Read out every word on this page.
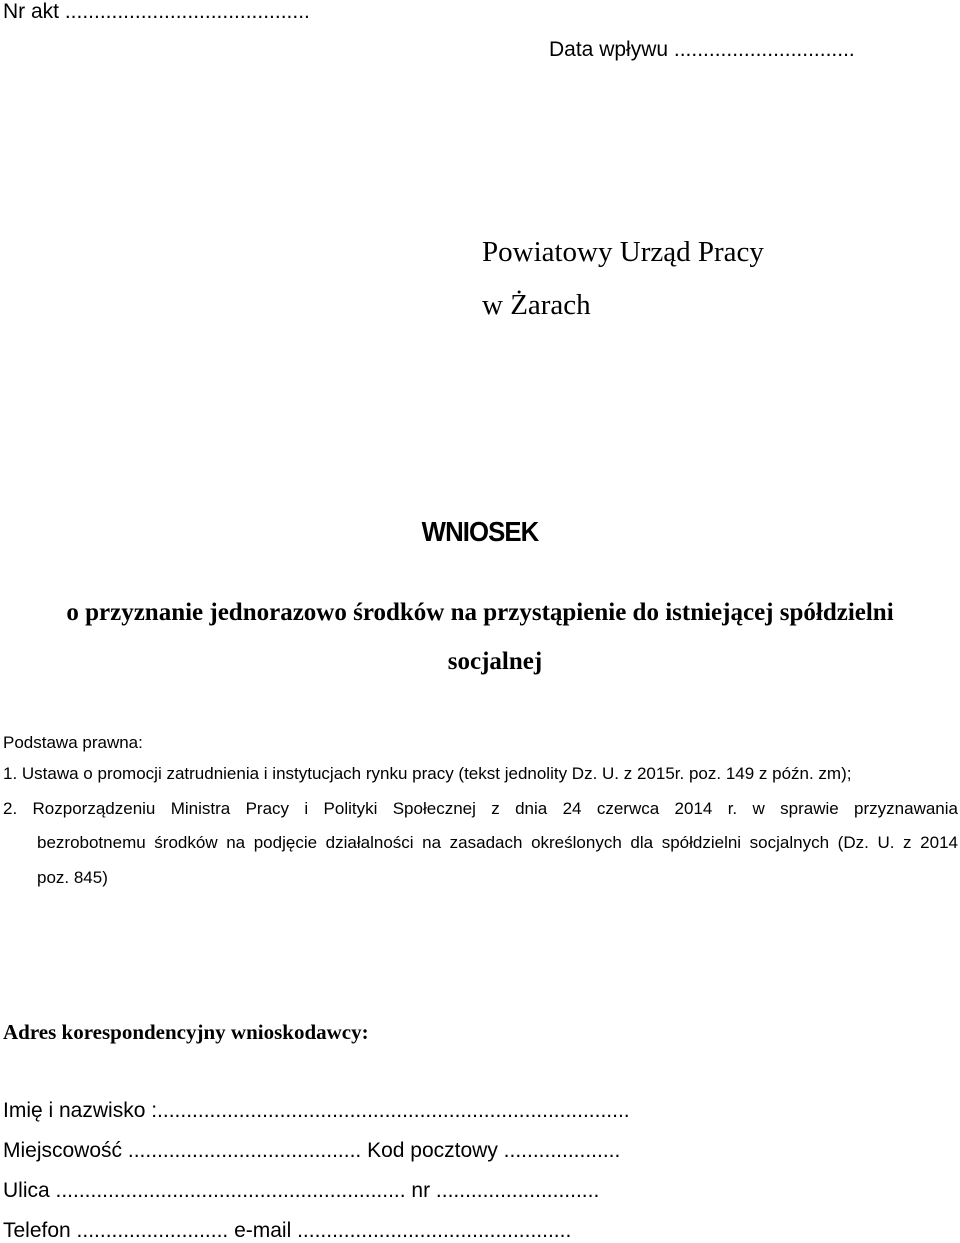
Nr akt ..........................................
Data wpływu ...............................
Powiatowy Urząd Pracy
w Żarach
WNIOSEK
o przyznanie jednorazowo środków na przystąpienie do istniejącej spółdzielni
socjalnej
Podstawa prawna:
1. Ustawa o promocji zatrudnienia i instytucjach rynku pracy (tekst jednolity Dz. U. z 2015r. poz. 149 z późn. zm);
2. Rozporządzeniu Ministra Pracy i Polityki Społecznej z dnia 24 czerwca 2014 r. w sprawie przyznawania
bezrobotnemu środków na podjęcie działalności na zasadach określonych dla spółdzielni socjalnych (Dz. U. z 2014
poz. 845)
Adres korespondencyjny wnioskodawcy:
Imię i nazwisko :.................................................................................
Miejscowość ........................................ Kod pocztowy ....................
Ulica ............................................................ nr ............................
Telefon .......................... e-mail ...............................................
